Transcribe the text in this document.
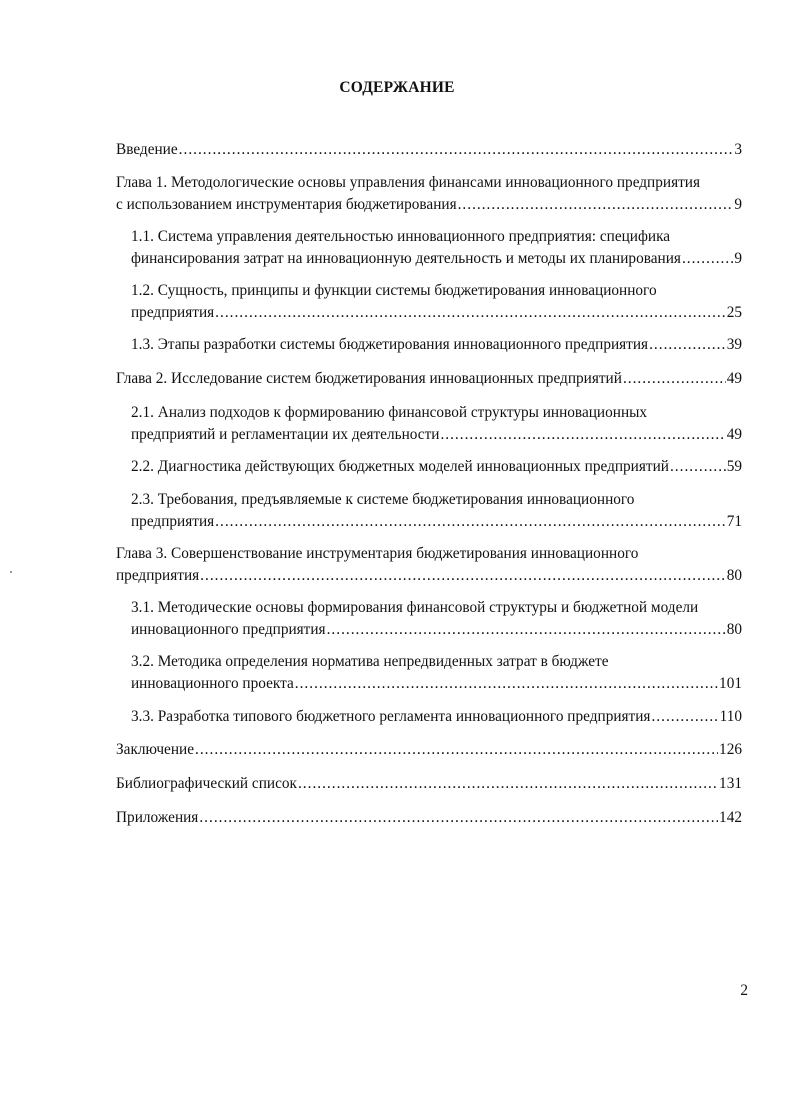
СОДЕРЖАНИЕ
Введение .....	3
Глава 1. Методологические основы управления финансами инновационного предприятия
с использованием инструментария бюджетирования .....	9
1.1. Система управления деятельностью инновационного предприятия: специфика
финансирования затрат на инновационную деятельность и методы их планирования .....	9
1.2. Сущность, принципы и функции системы бюджетирования инновационного
предприятия .....	25
1.3. Этапы разработки системы бюджетирования инновационного предприятия .....	39
Глава 2. Исследование систем бюджетирования инновационных предприятий .....	49
2.1. Анализ подходов к формированию финансовой структуры инновационных
предприятий и регламентации их деятельности .....	49
2.2. Диагностика действующих бюджетных моделей инновационных предприятий .....	59
2.3. Требования, предъявляемые к системе бюджетирования инновационного
предприятия .....	71
Глава 3. Совершенствование инструментария бюджетирования инновационного
предприятия .....	80
3.1. Методические основы формирования финансовой структуры и бюджетной модели
инновационного предприятия .....	80
3.2. Методика определения норматива непредвиденных затрат в бюджете
инновационного проекта .....	101
3.3. Разработка типового бюджетного регламента инновационного предприятия .....	110
Заключение .....	126
Библиографический список .....	131
Приложения .....	142
2
